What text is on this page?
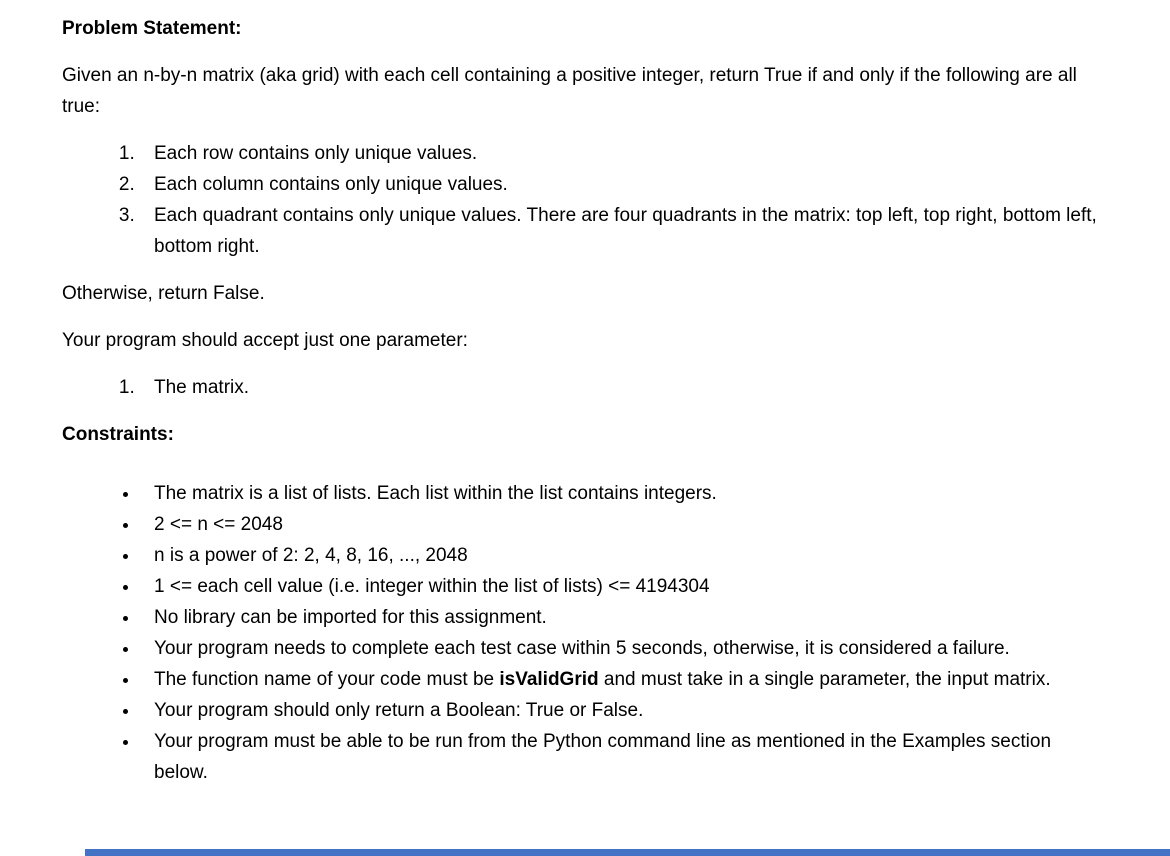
Problem Statement:

Given an n-by-n matrix (aka grid) with each cell containing a positive integer, return True if and only if the following are all true:

1. Each row contains only unique values.
2. Each column contains only unique values.
3. Each quadrant contains only unique values. There are four quadrants in the matrix: top left, top right, bottom left, bottom right.

Otherwise, return False.

Your program should accept just one parameter:

1. The matrix.

Constraints:

• The matrix is a list of lists. Each list within the list contains integers.
• 2 <= n <= 2048
• n is a power of 2: 2, 4, 8, 16, ..., 2048
• 1 <= each cell value (i.e. integer within the list of lists) <= 4194304
• No library can be imported for this assignment.
• Your program needs to complete each test case within 5 seconds, otherwise, it is considered a failure.
• The function name of your code must be isValidGrid and must take in a single parameter, the input matrix.
• Your program should only return a Boolean: True or False.
• Your program must be able to be run from the Python command line as mentioned in the Examples section below.
